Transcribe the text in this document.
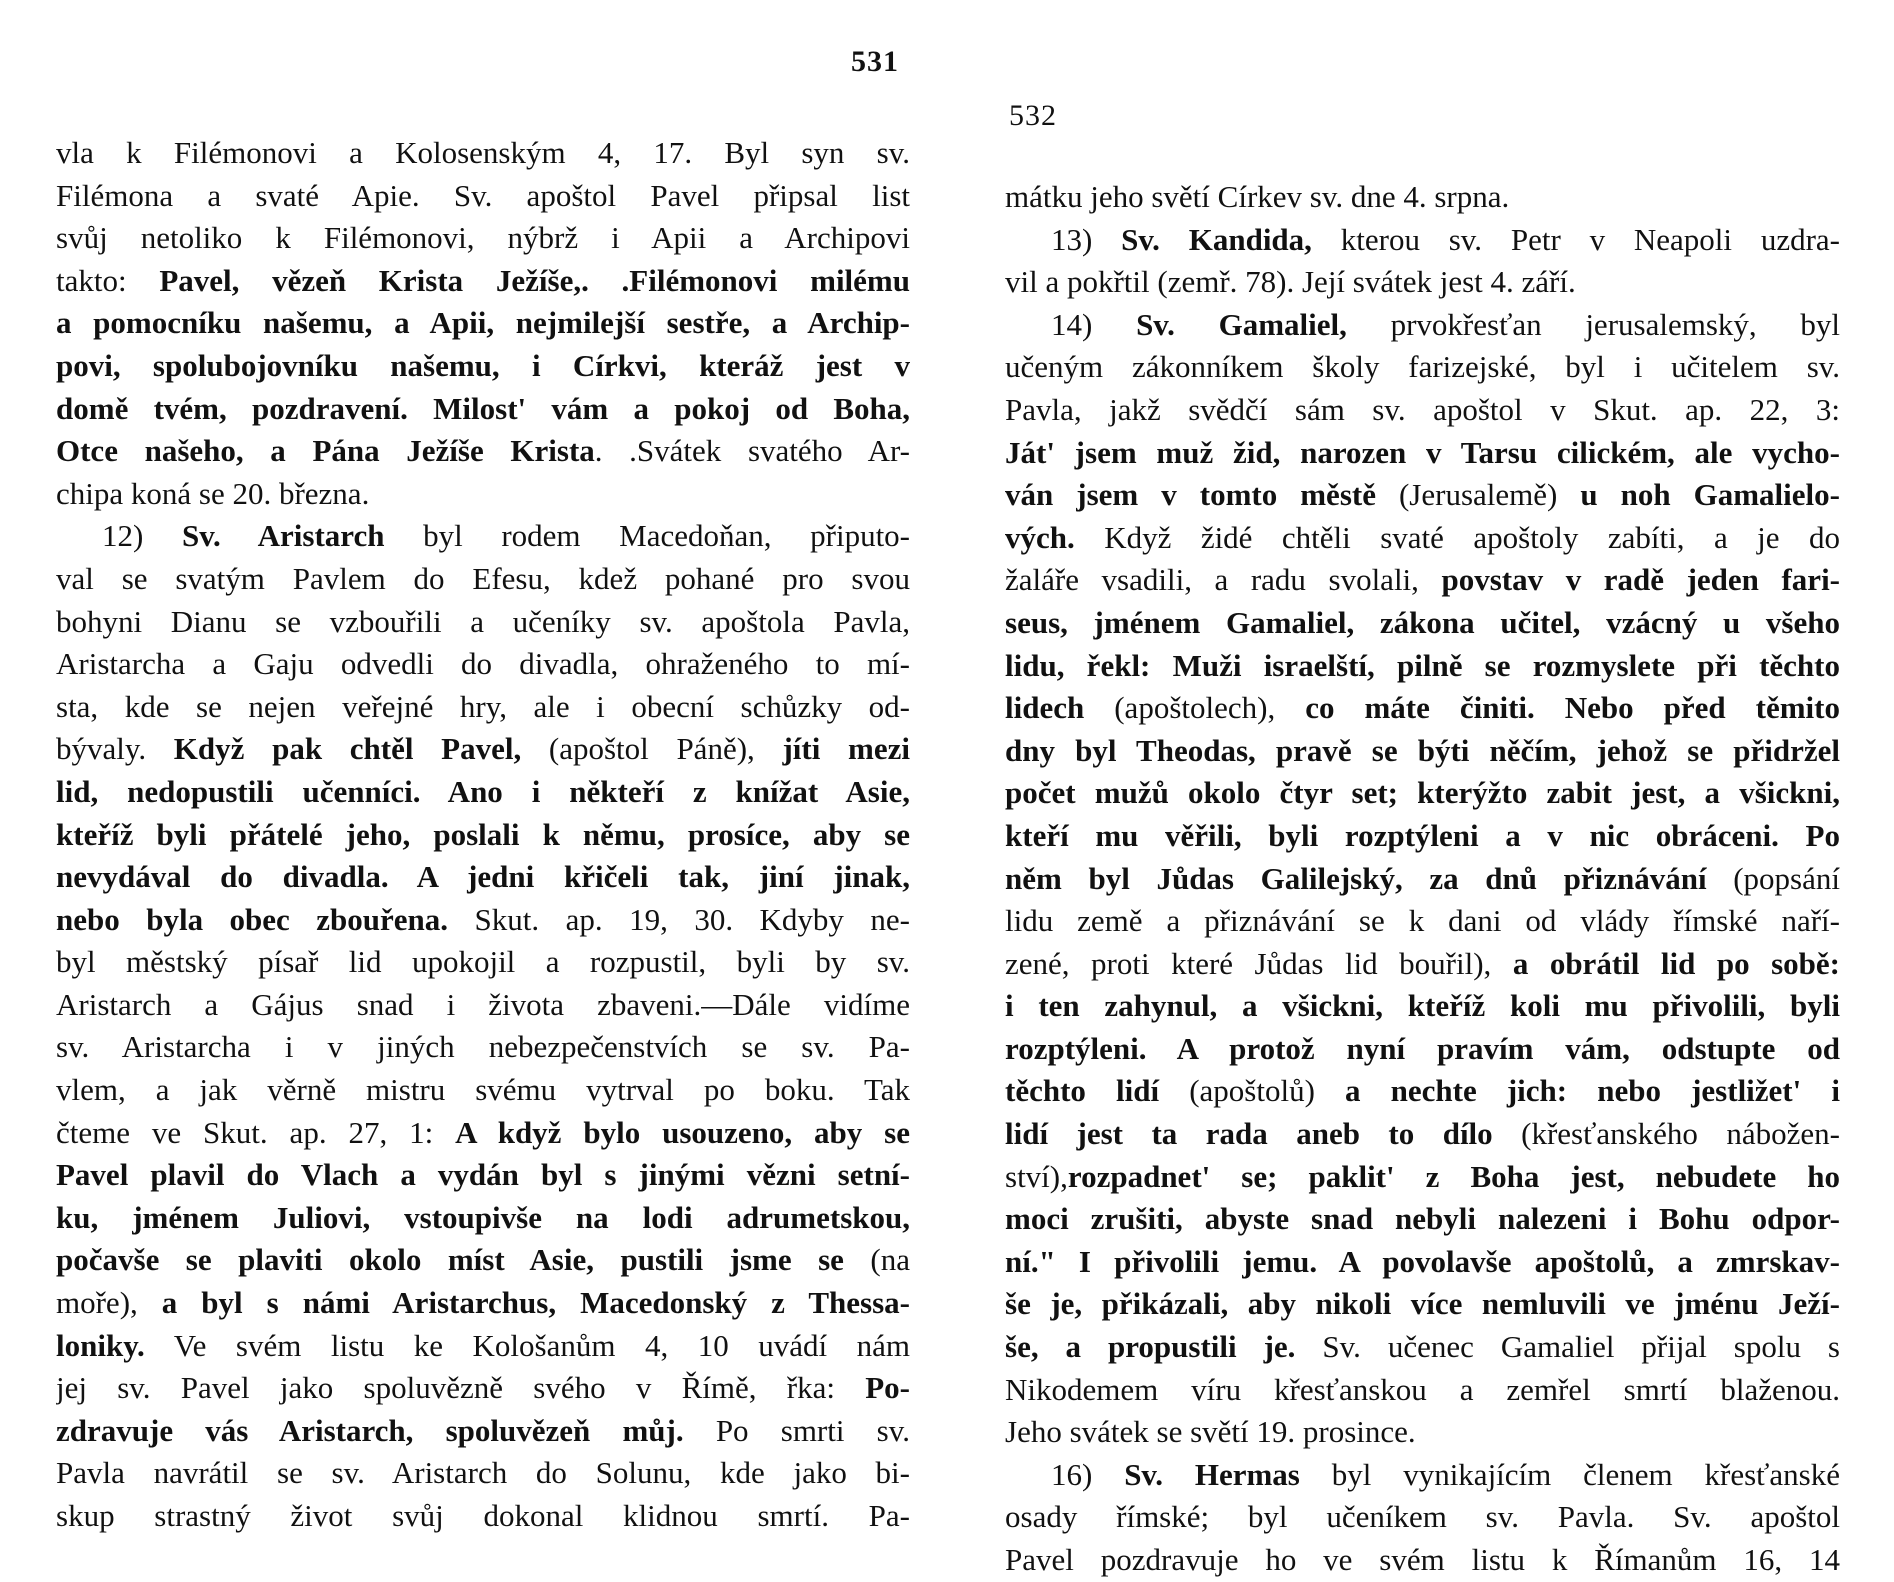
531
vla k Filémonovi a Kolosenským 4, 17. Byl syn sv.
Filémona a svaté Apie. Sv. apoštol Pavel připsal list
svůj netoliko k Filémonovi, nýbrž i Apii a Archipovi
takto: Pavel, vězeň Krista Ježíše,. .Filémonovi milému
a pomocníku našemu, a Apii, nejmilejší sestře, a Archip-
povi, spolubojovníku našemu, i Církvi, kteráž jest v
domě tvém, pozdravení. Milost' vám a pokoj od Boha,
Otce našeho, a Pána Ježíše Krista. .Svátek svatého Ar-
chipa koná se 20. března.
12) Sv. Aristarch byl rodem Macedoňan, připuto-
val se svatým Pavlem do Efesu, kdež pohané pro svou
bohyni Dianu se vzbouřili a učeníky sv. apoštola Pavla,
Aristarcha a Gaju odvedli do divadla, ohraženého to mí-
sta, kde se nejen veřejné hry, ale i obecní schůzky od-
bývaly. Když pak chtěl Pavel, (apoštol Páně), jíti mezi
lid, nedopustili učenníci. Ano i někteří z knížat Asie,
kteříž byli přátelé jeho, poslali k němu, prosíce, aby se
nevydával do divadla. A jedni křičeli tak, jiní jinak,
nebo byla obec zbouřena. Skut. ap. 19, 30. Kdyby ne-
byl městský písař lid upokojil a rozpustil, byli by sv.
Aristarch a Gájus snad i života zbaveni.—Dále vidíme
sv. Aristarcha i v jiných nebezpečenstvích se sv. Pa-
vlem, a jak věrně mistru svému vytrval po boku. Tak
čteme ve Skut. ap. 27, 1: A když bylo usouzeno, aby se
Pavel plavil do Vlach a vydán byl s jinými vězni setní-
ku, jménem Juliovi, vstoupivše na lodi adrumetskou,
počavše se plaviti okolo míst Asie, pustili jsme se (na
moře), a byl s námi Aristarchus, Macedonský z Thessa-
loniky. Ve svém listu ke Kološanům 4, 10 uvádí nám
jej sv. Pavel jako spoluvězně svého v Římě, řka: Po-
zdravuje vás Aristarch, spoluvězeň můj. Po smrti sv.
Pavla navrátil se sv. Aristarch do Solunu, kde jako bi-
skup strastný život svůj dokonal klidnou smrtí. Pa-
532
mátku jeho světí Církev sv. dne 4. srpna.
13) Sv. Kandida, kterou sv. Petr v Neapoli uzdra-
vil a pokřtil (zemř. 78). Její svátek jest 4. září.
14) Sv. Gamaliel, prvokřesťan jerusalemský, byl
učeným zákonníkem školy farizejské, byl i učitelem sv.
Pavla, jakž svědčí sám sv. apoštol v Skut. ap. 22, 3:
Ját' jsem muž žid, narozen v Tarsu cilickém, ale vycho-
ván jsem v tomto městě (Jerusalemě) u noh Gamalielo-
vých. Když židé chtěli svaté apoštoly zabíti, a je do
žaláře vsadili, a radu svolali, povstav v radě jeden fari-
seus, jménem Gamaliel, zákona učitel, vzácný u všeho
lidu, řekl: Muži israelští, pilně se rozmyslete při těchto
lidech (apoštolech), co máte činiti. Nebo před těmito
dny byl Theodas, pravě se býti něčím, jehož se přidržel
počet mužů okolo čtyr set; kterýžto zabit jest, a všickni,
kteří mu věřili, byli rozptýleni a v nic obráceni. Po
něm byl Jůdas Galilejský, za dnů přiznávání (popsání
lidu země a přiznávání se k dani od vlády římské naří-
zené, proti které Jůdas lid bouřil), a obrátil lid po sobě:
i ten zahynul, a všickni, kteříž koli mu přivolili, byli
rozptýleni. A protož nyní pravím vám, odstupte od
těchto lidí (apoštolů) a nechte jich: nebo jestližet' i
lidí jest ta rada aneb to dílo (křesťanského nábožen-
ství),rozpadnet' se; paklit' z Boha jest, nebudete ho
moci zrušiti, abyste snad nebyli nalezeni i Bohu odpor-
ní." I přivolili jemu. A povolavše apoštolů, a zmrskav-
še je, přikázali, aby nikoli více nemluvili ve jménu Ježí-
še, a propustili je. Sv. učenec Gamaliel přijal spolu s
Nikodemem víru křesťanskou a zemřel smrtí blaženou.
Jeho svátek se světí 19. prosince.
16) Sv. Hermas byl vynikajícím členem křesťanské
osady římské; byl učeníkem sv. Pavla. Sv. apoštol
Pavel pozdravuje ho ve svém listu k Římanům 16, 14
